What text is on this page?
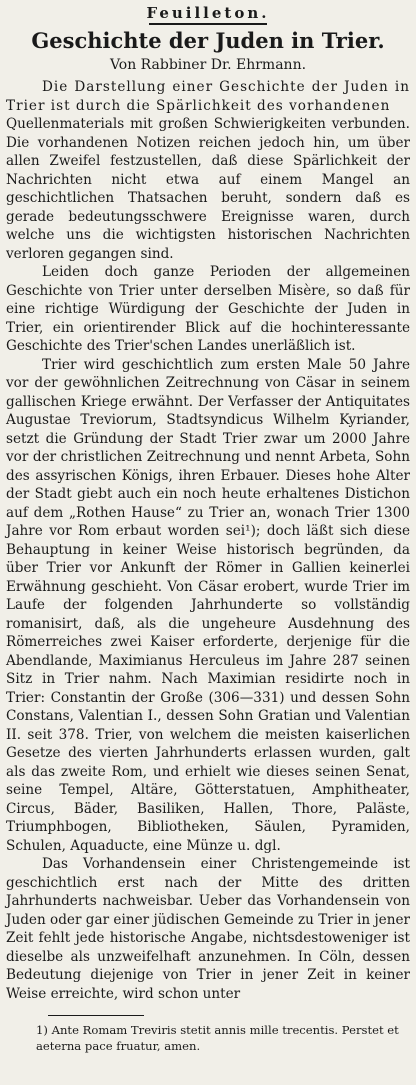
Feuilleton.
Geschichte der Juden in Trier.
Von Rabbiner Dr. Ehrmann.

Die Darstellung einer Geschichte der Juden in Trier ist durch die Spärlichkeit des vorhandenen

Quellenmaterials mit großen Schwierigkeiten verbunden. Die vorhandenen Notizen reichen jedoch hin, um über allen Zweifel festzustellen, daß diese Spärlichkeit der Nachrichten nicht etwa auf einem Mangel an geschichtlichen Thatsachen beruht, sondern daß es gerade bedeutungsschwere Ereignisse waren, durch welche uns die wichtigsten historischen Nachrichten verloren gegangen sind.

Leiden doch ganze Perioden der allgemeinen Geschichte von Trier unter derselben Misère, so daß für eine richtige Würdigung der Geschichte der Juden in Trier, ein orientirender Blick auf die hochinteressante Geschichte des Trier'schen Landes unerläßlich ist.

Trier wird geschichtlich zum ersten Male 50 Jahre vor der gewöhnlichen Zeitrechnung von Cäsar in seinem gallischen Kriege erwähnt. Der Verfasser der Antiquitates Augustae Treviorum, Stadtsyndicus Wilhelm Kyriander, setzt die Gründung der Stadt Trier zwar um 2000 Jahre vor der christlichen Zeitrechnung und nennt Arbeta, Sohn des assyrischen Königs, ihren Erbauer. Dieses hohe Alter der Stadt giebt auch ein noch heute erhaltenes Distichon auf dem „Rothen Hause“ zu Trier an, wonach Trier 1300 Jahre vor Rom erbaut worden sei¹); doch läßt sich diese Behauptung in keiner Weise historisch begründen, da über Trier vor Ankunft der Römer in Gallien keinerlei Erwähnung geschieht. Von Cäsar erobert, wurde Trier im Laufe der folgenden Jahrhunderte so vollständig romanisirt, daß, als die ungeheure Ausdehnung des Römerreiches zwei Kaiser erforderte, derjenige für die Abendlande, Maximianus Herculeus im Jahre 287 seinen Sitz in Trier nahm. Nach Maximian residirte noch in Trier: Constantin der Große (306—331) und dessen Sohn Constans, Valentian I., dessen Sohn Gratian und Valentian II. seit 378. Trier, von welchem die meisten kaiserlichen Gesetze des vierten Jahrhunderts erlassen wurden, galt als das zweite Rom, und erhielt wie dieses seinen Senat, seine Tempel, Altäre, Götterstatuen, Amphitheater, Circus, Bäder, Basiliken, Hallen, Thore, Paläste, Triumphbogen, Bibliotheken, Säulen, Pyramiden, Schulen, Aquaducte, eine Münze u. dgl.

Das Vorhandensein einer Christengemeinde ist geschichtlich erst nach der Mitte des dritten Jahrhunderts nachweisbar. Ueber das Vorhandensein von Juden oder gar einer jüdischen Gemeinde zu Trier in jener Zeit fehlt jede historische Angabe, nichtsdestoweniger ist dieselbe als unzweifelhaft anzunehmen. In Cöln, dessen Bedeutung diejenige von Trier in jener Zeit in keiner Weise erreichte, wird schon unter

1) Ante Romam Treviris stetit annis mille trecentis. Perstet et aeterna pace fruatur, amen.
